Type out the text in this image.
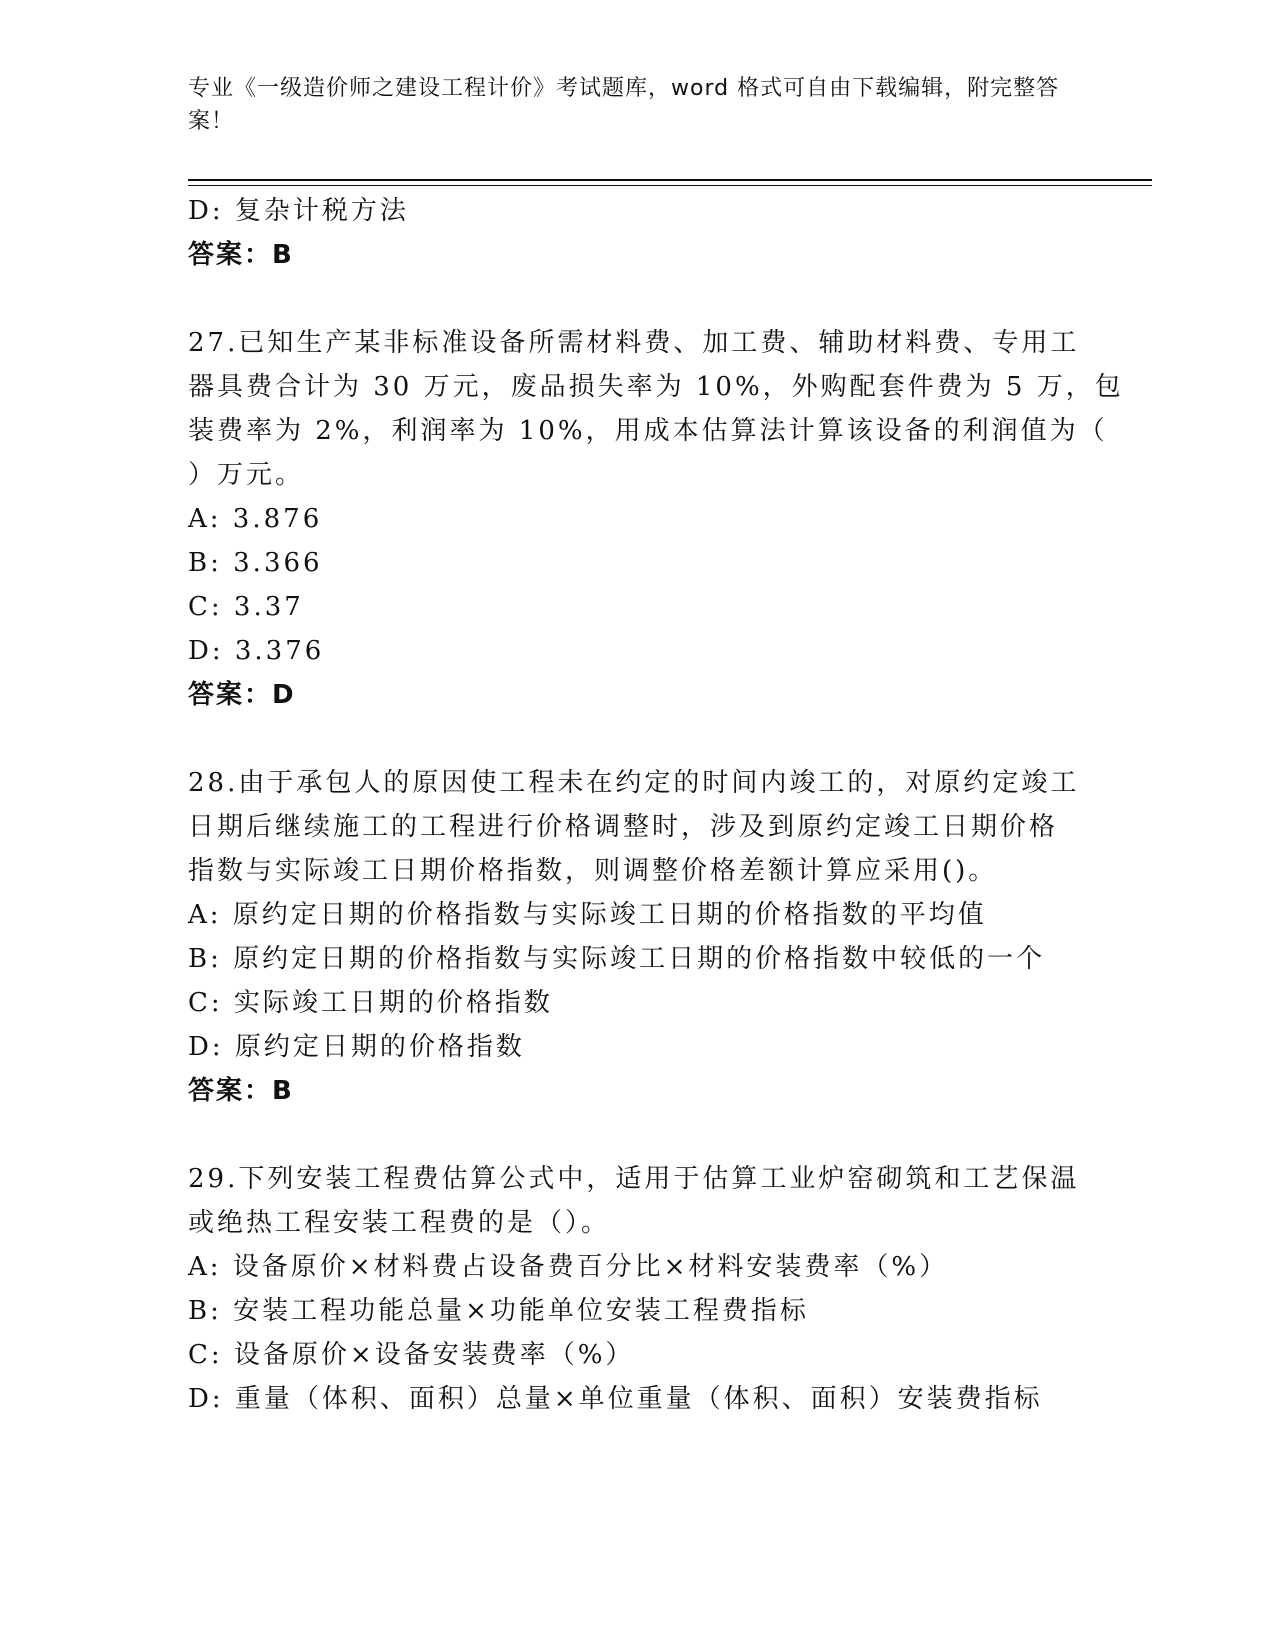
专业《一级造价师之建设工程计价》考试题库，word 格式可自由下载编辑，附完整答案！
D: 复杂计税方法
答案：B
27.已知生产某非标准设备所需材料费、加工费、辅助材料费、专用工
器具费合计为 30 万元，废品损失率为 10%，外购配套件费为 5 万，包
装费率为 2%，利润率为 10%，用成本估算法计算该设备的利润值为（
）万元。
A: 3.876
B: 3.366
C: 3.37
D: 3.376
答案：D
28.由于承包人的原因使工程未在约定的时间内竣工的，对原约定竣工
日期后继续施工的工程进行价格调整时，涉及到原约定竣工日期价格
指数与实际竣工日期价格指数，则调整价格差额计算应采用()。
A: 原约定日期的价格指数与实际竣工日期的价格指数的平均值
B: 原约定日期的价格指数与实际竣工日期的价格指数中较低的一个
C: 实际竣工日期的价格指数
D: 原约定日期的价格指数
答案：B
29.下列安装工程费估算公式中，适用于估算工业炉窑砌筑和工艺保温
或绝热工程安装工程费的是（）。
A: 设备原价×材料费占设备费百分比×材料安装费率（%）
B: 安装工程功能总量×功能单位安装工程费指标
C: 设备原价×设备安装费率（%）
D: 重量（体积、面积）总量×单位重量（体积、面积）安装费指标
